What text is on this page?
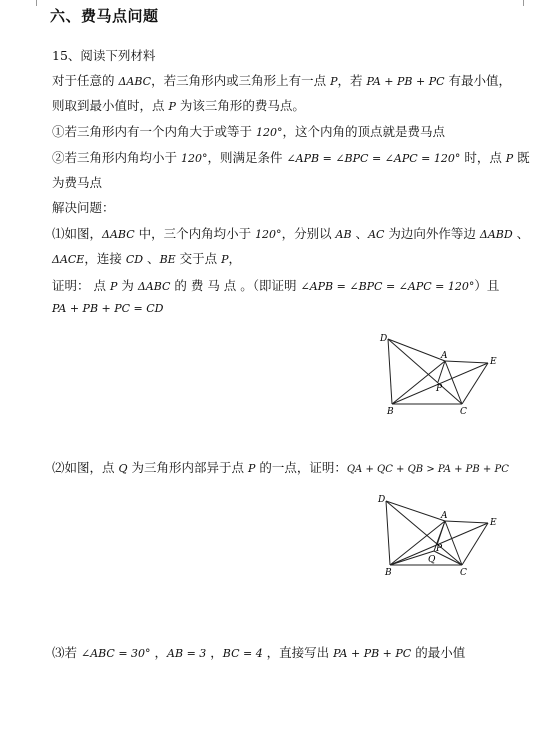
六、费马点问题
15、阅读下列材料
对于任意的 ΔABC，若三角形内或三角形上有一点 P，若 PA + PB + PC 有最小值，
则取到最小值时，点 P 为该三角形的费马点。
①若三角形内有一个内角大于或等于 120°，这个内角的顶点就是费马点
②若三角形内角均小于 120°，则满足条件 ∠APB = ∠BPC = ∠APC = 120° 时，点 P 既
为费马点
解决问题：
⑴如图，ΔABC 中，三个内角均小于 120°，分别以 AB 、AC 为边向外作等边 ΔABD 、
ΔACE，连接 CD 、BE 交于点 P，
证明： 点 P 为 ΔABC 的 费 马 点 。（即证明 ∠APB = ∠BPC = ∠APC = 120°）且
PA + PB + PC = CD
D
A
E
P
B	C
⑵如图，点 Q 为三角形内部异于点 P 的一点，证明：QA + QC + QB > PA + PB + PC
D
A
E
P
Q
B	C
⑶若 ∠ABC = 30° ，AB = 3 ，BC = 4 ，直接写出 PA + PB + PC 的最小值
